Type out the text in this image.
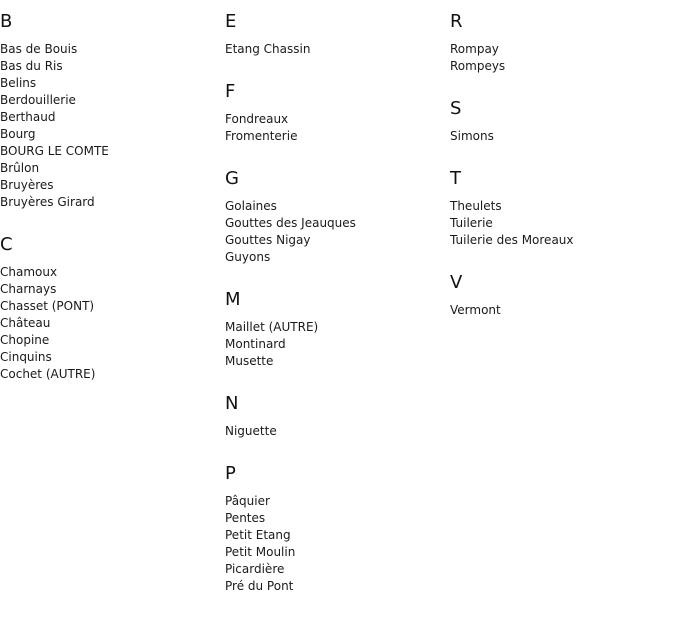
B
Bas de Bouis
Bas du Ris
Belins
Berdouillerie
Berthaud
Bourg
BOURG LE COMTE
Brûlon
Bruyères
Bruyères Girard
C
Chamoux
Charnays
Chasset (PONT)
Château
Chopine
Cinquins
Cochet (AUTRE)
E
Etang Chassin
F
Fondreaux
Fromenterie
G
Golaines
Gouttes des Jeauques
Gouttes Nigay
Guyons
M
Maillet (AUTRE)
Montinard
Musette
N
Niguette
P
Pâquier
Pentes
Petit Etang
Petit Moulin
Picardière
Pré du Pont
R
Rompay
Rompeys
S
Simons
T
Theulets
Tuilerie
Tuilerie des Moreaux
V
Vermont
